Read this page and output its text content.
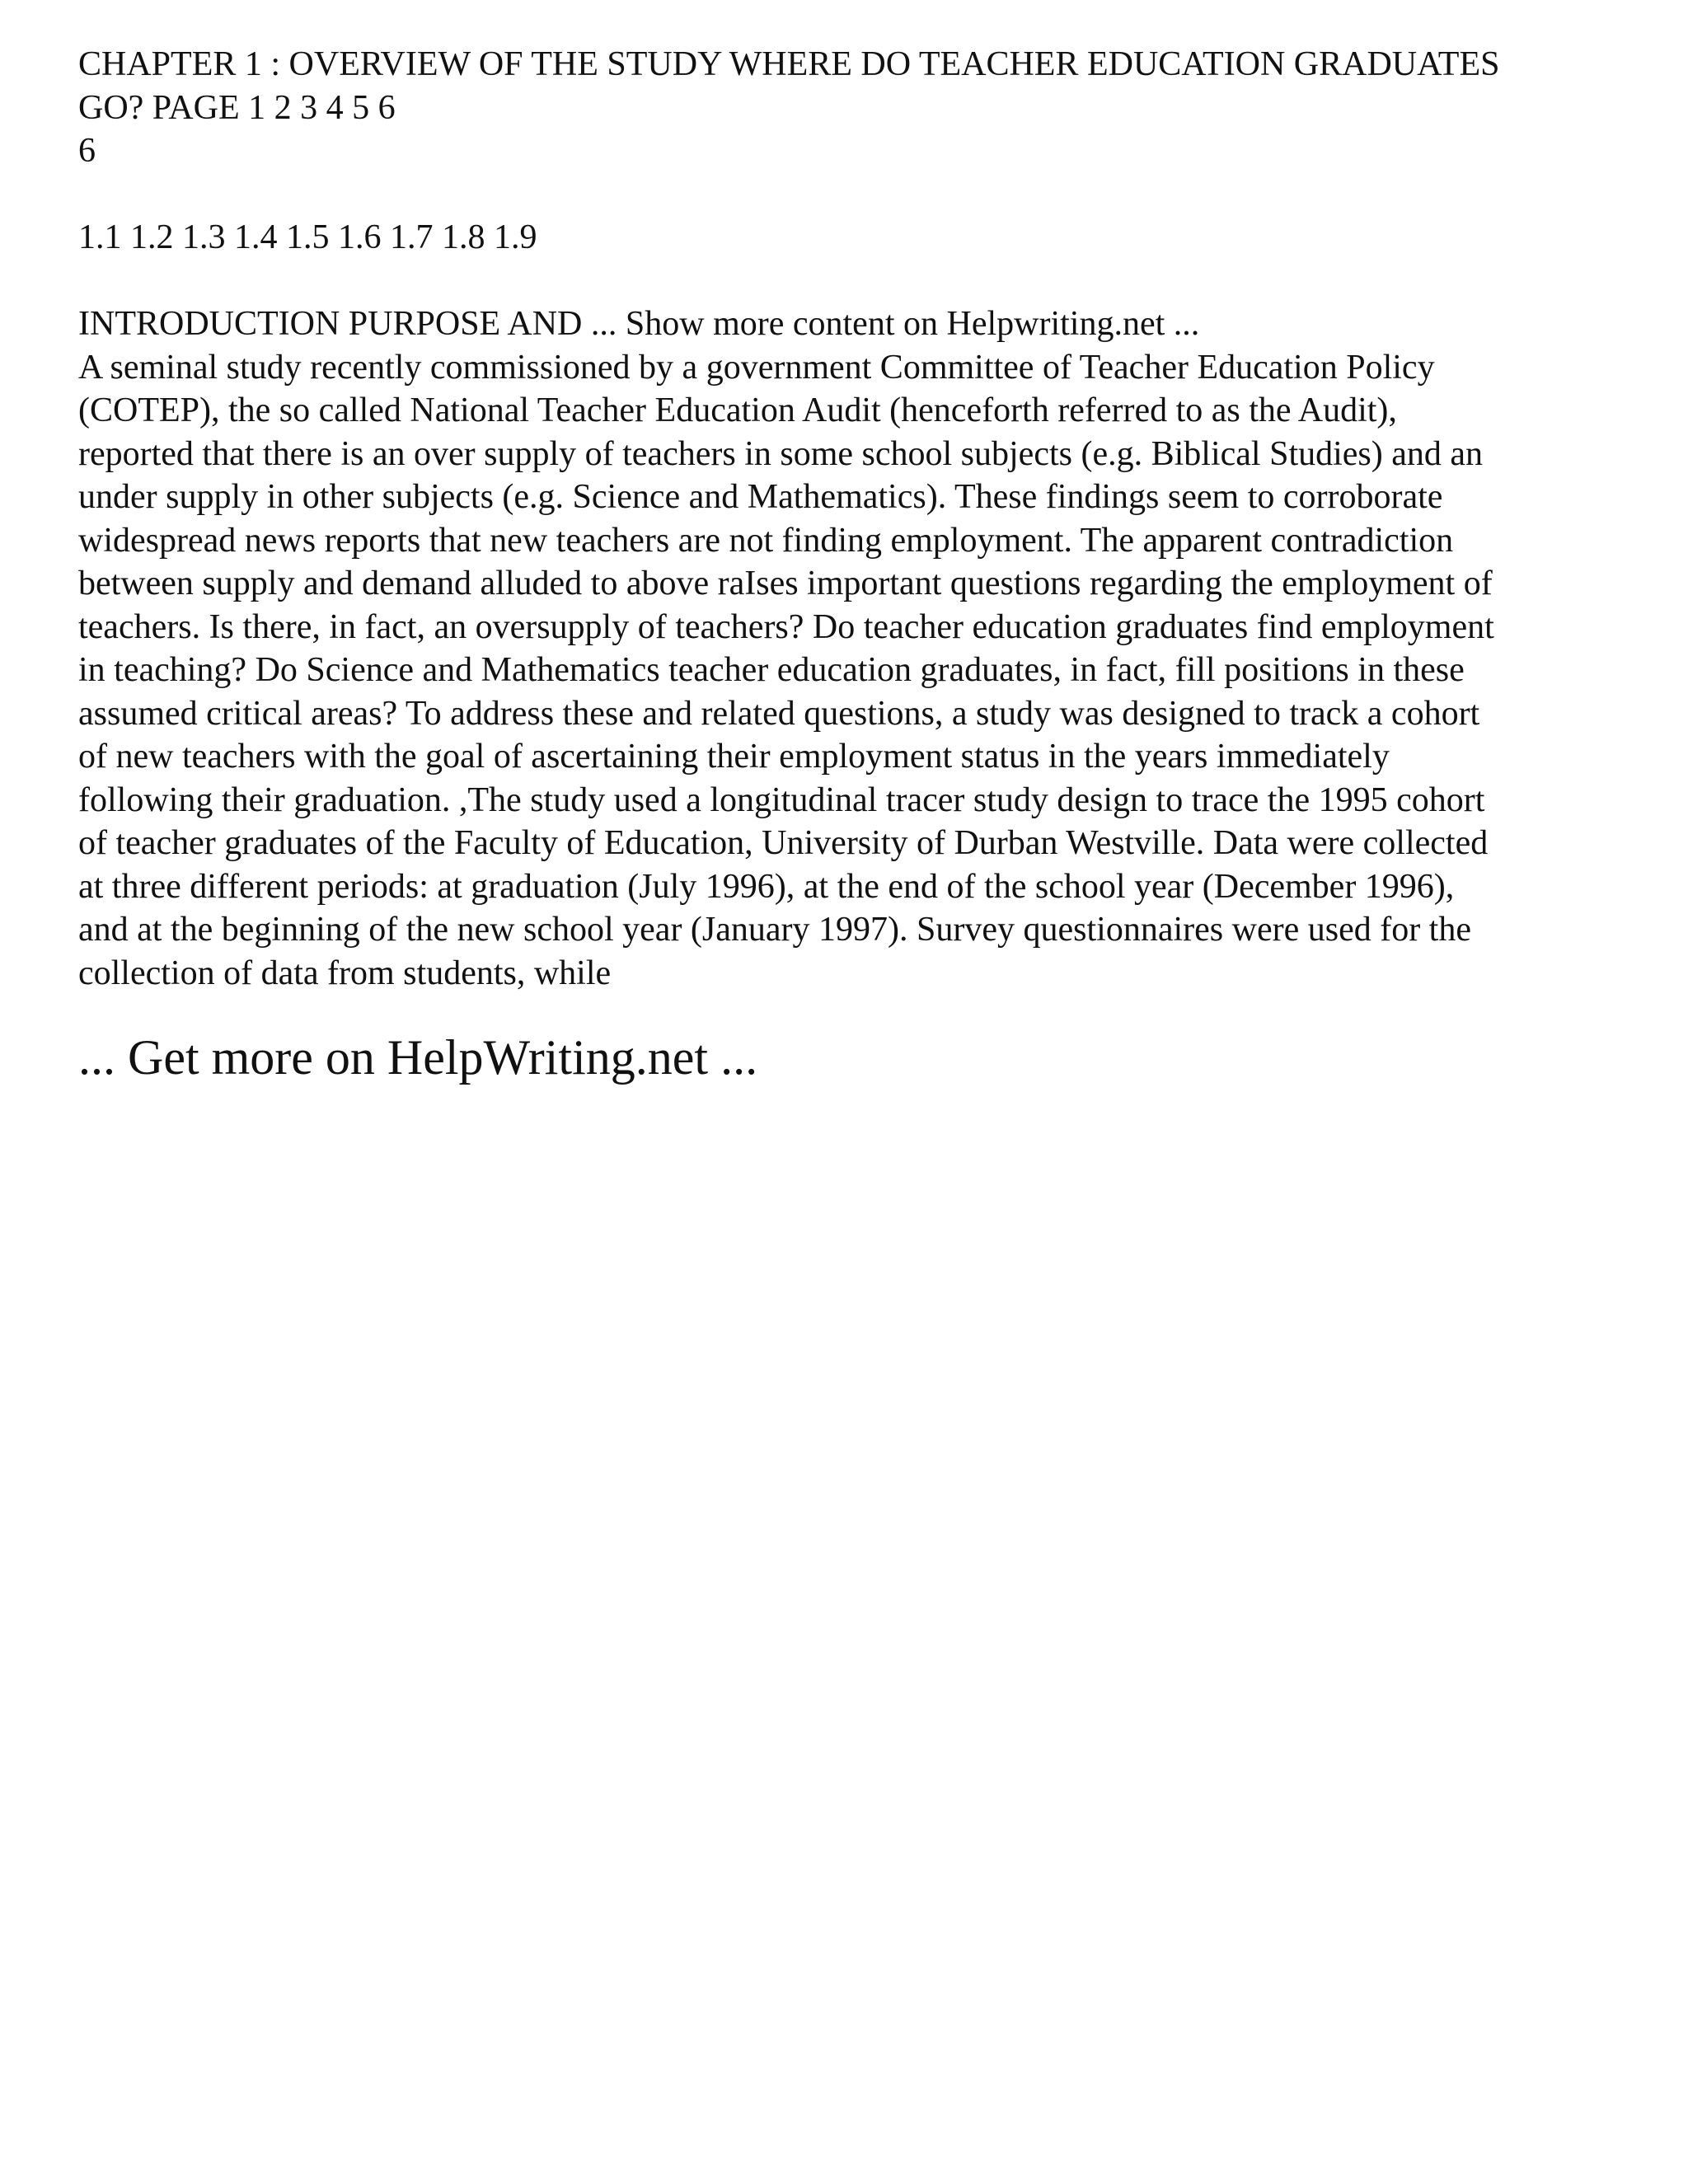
CHAPTER 1 : OVERVIEW OF THE STUDY WHERE DO TEACHER EDUCATION GRADUATES
GO? PAGE 1 2 3 4 5 6
6
1.1 1.2 1.3 1.4 1.5 1.6 1.7 1.8 1.9
INTRODUCTION PURPOSE AND ... Show more content on Helpwriting.net ...
A seminal study recently commissioned by a government Committee of Teacher Education Policy
(COTEP), the so called National Teacher Education Audit (henceforth referred to as the Audit),
reported that there is an over supply of teachers in some school subjects (e.g. Biblical Studies) and an
under supply in other subjects (e.g. Science and Mathematics). These findings seem to corroborate
widespread news reports that new teachers are not finding employment. The apparent contradiction
between supply and demand alluded to above raIses important questions regarding the employment of
teachers. Is there, in fact, an oversupply of teachers? Do teacher education graduates find employment
in teaching? Do Science and Mathematics teacher education graduates, in fact, fill positions in these
assumed critical areas? To address these and related questions, a study was designed to track a cohort
of new teachers with the goal of ascertaining their employment status in the years immediately
following their graduation. ,The study used a longitudinal tracer study design to trace the 1995 cohort
of teacher graduates of the Faculty of Education, University of Durban Westville. Data were collected
at three different periods: at graduation (July 1996), at the end of the school year (December 1996),
and at the beginning of the new school year (January 1997). Survey questionnaires were used for the
collection of data from students, while
... Get more on HelpWriting.net ...
